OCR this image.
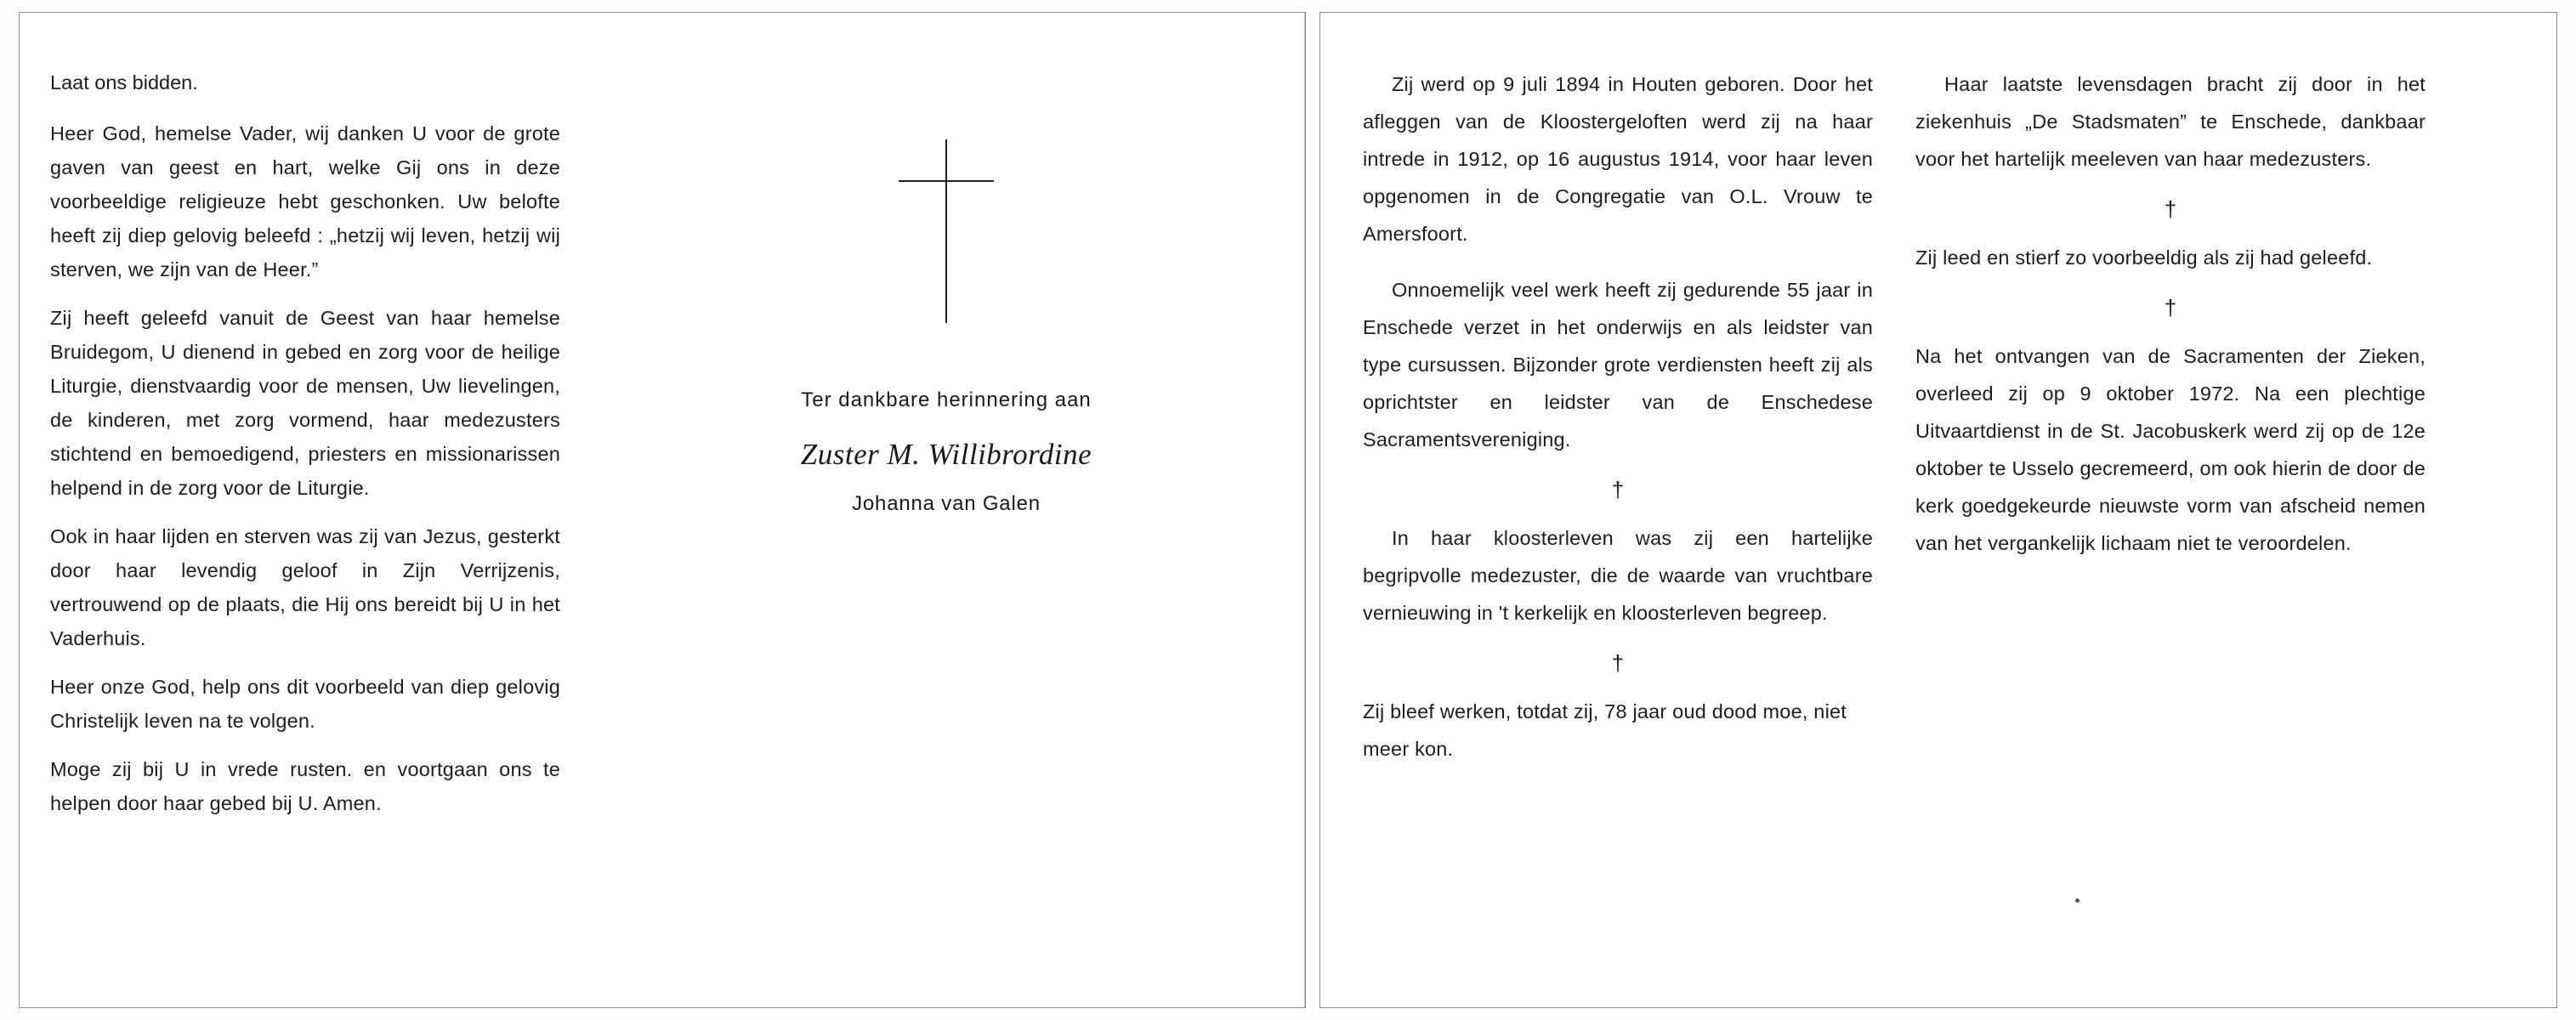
Laat ons bidden.

Heer God, hemelse Vader, wij danken U voor de grote gaven van geest en hart, welke Gij ons in deze voorbeeldige religieuze hebt geschonken. Uw belofte heeft zij diep gelovig beleefd : „hetzij wij leven, hetzij wij sterven, we zijn van de Heer.”

Zij heeft geleefd vanuit de Geest van haar hemelse Bruidegom, U dienend in gebed en zorg voor de heilige Liturgie, dienstvaardig voor de mensen, Uw lievelingen, de kinderen, met zorg vormend, haar medezusters stichtend en bemoedigend, priesters en missionarissen helpend in de zorg voor de Liturgie.

Ook in haar lijden en sterven was zij van Jezus, gesterkt door haar levendig geloof in Zijn Verrijzenis, vertrouwend op de plaats, die Hij ons bereidt bij U in het Vaderhuis.

Heer onze God, help ons dit voorbeeld van diep gelovig Christelijk leven na te volgen.

Moge zij bij U in vrede rusten. en voortgaan ons te helpen door haar gebed bij U. Amen.

Ter dankbare herinnering aan

Zuster M. Willibrordine

Johanna van Galen

Zij werd op 9 juli 1894 in Houten geboren. Door het afleggen van de Kloostergeloften werd zij na haar intrede in 1912, op 16 augustus 1914, voor haar leven opgenomen in de Congregatie van O.L. Vrouw te Amersfoort.

Onnoemelijk veel werk heeft zij gedurende 55 jaar in Enschede verzet in het onderwijs en als leidster van type cursussen. Bijzonder grote verdiensten heeft zij als oprichtster en leidster van de Enschedese Sacramentsvereniging.

†

In haar kloosterleven was zij een hartelijke begripvolle medezuster, die de waarde van vruchtbare vernieuwing in 't kerkelijk en kloosterleven begreep.

†

Zij bleef werken, totdat zij, 78 jaar oud dood moe, niet meer kon.

Haar laatste levensdagen bracht zij door in het ziekenhuis „De Stadsmaten” te Enschede, dankbaar voor het hartelijk meeleven van haar medezusters.

†

Zij leed en stierf zo voorbeeldig als zij had geleefd.

†

Na het ontvangen van de Sacramenten der Zieken, overleed zij op 9 oktober 1972. Na een plechtige Uitvaartdienst in de St. Jacobuskerk werd zij op de 12e oktober te Usselo gecremeerd, om ook hierin de door de kerk goedgekeurde nieuwste vorm van afscheid nemen van het vergankelijk lichaam niet te veroordelen.
